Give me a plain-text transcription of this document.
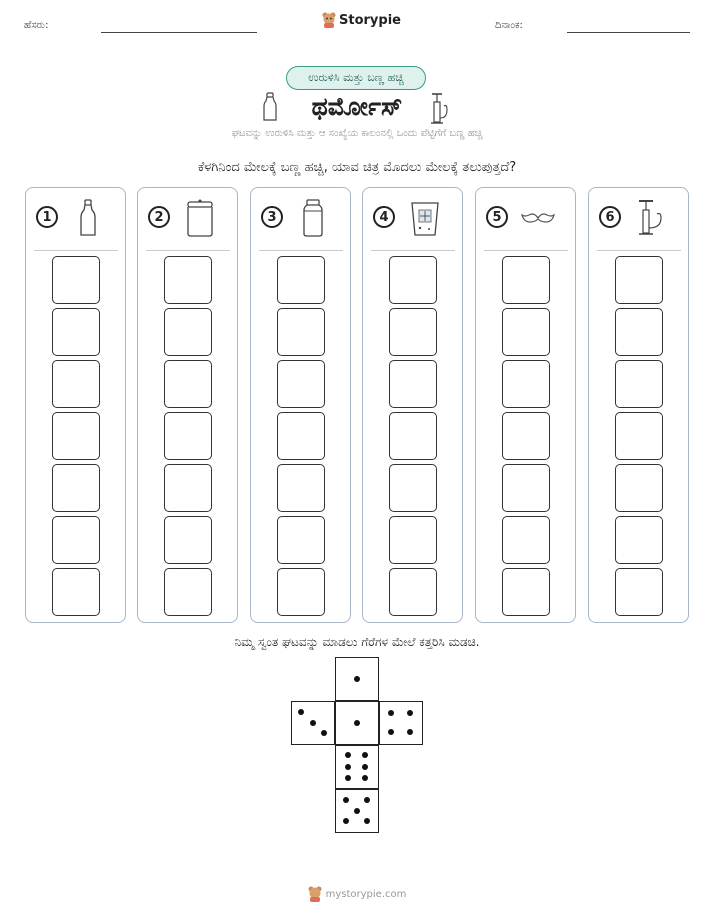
ಹೆಸರು:	Storypie	ದಿನಾಂಕ:
ಉರುಳಿಸಿ ಮತ್ತು ಬಣ್ಣ ಹಚ್ಚಿ
ಥರ್ಮೋಸ್
ಘಟವನ್ನು ಉರುಳಿಸಿ ಮತ್ತು ಆ ಸಂಖ್ಯೆಯ ಕಾಲಂನಲ್ಲಿ ಒಂದು ಪೆಟ್ಟಿಗೆಗೆ ಬಣ್ಣ ಹಚ್ಚಿ
ಕೆಳಗಿನಿಂದ ಮೇಲಕ್ಕೆ ಬಣ್ಣ ಹಚ್ಚಿ, ಯಾವ ಚಿತ್ರ ಮೊದಲು ಮೇಲಕ್ಕೆ ತಲುಪುತ್ತದೆ?
1	2	3	4	5	6
ನಿಮ್ಮ ಸ್ವಂತ ಘಟವನ್ನು ಮಾಡಲು ಗೆರೆಗಳ ಮೇಲೆ ಕತ್ತರಿಸಿ ಮಡಚಿ.
mystorypie.com
